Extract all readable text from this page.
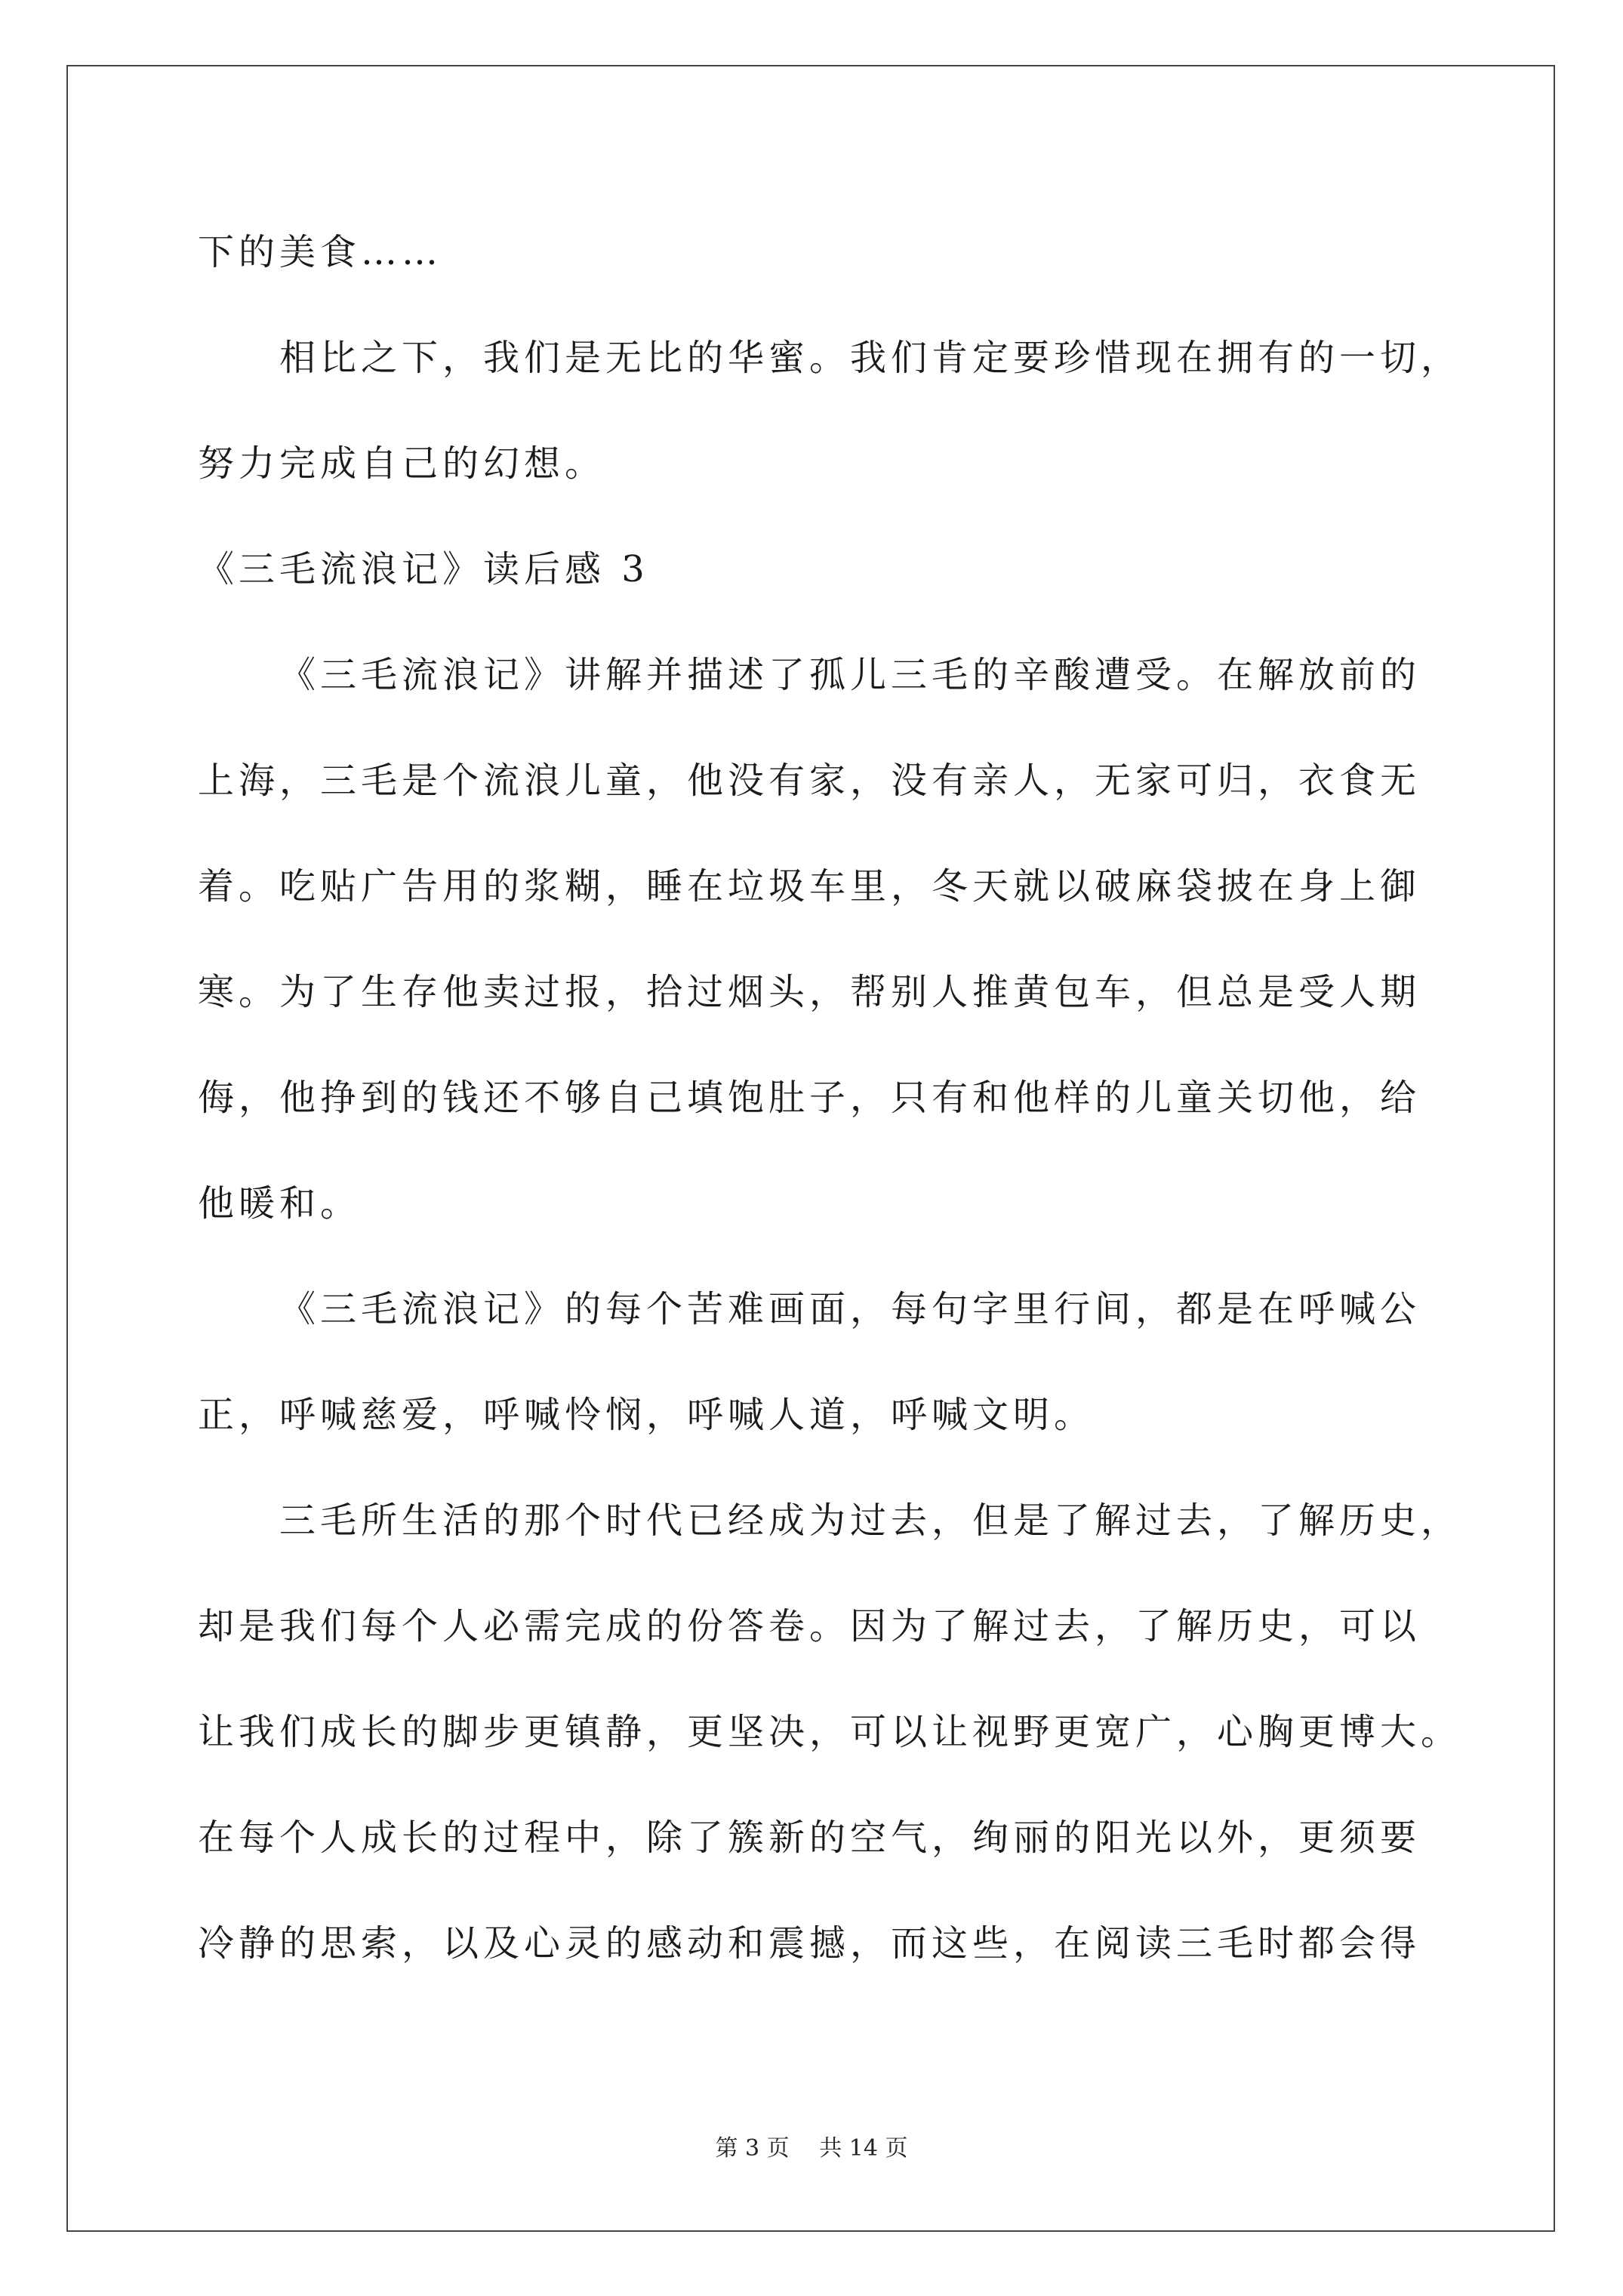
下的美食……
相比之下，我们是无比的华蜜。我们肯定要珍惜现在拥有的一切，
努力完成自己的幻想。
《三毛流浪记》读后感 3
《三毛流浪记》讲解并描述了孤儿三毛的辛酸遭受。在解放前的
上海，三毛是个流浪儿童，他没有家，没有亲人，无家可归，衣食无
着。吃贴广告用的浆糊，睡在垃圾车里，冬天就以破麻袋披在身上御
寒。为了生存他卖过报，拾过烟头，帮别人推黄包车，但总是受人期
侮，他挣到的钱还不够自己填饱肚子，只有和他样的儿童关切他，给
他暖和。
《三毛流浪记》的每个苦难画面，每句字里行间，都是在呼喊公
正，呼喊慈爱，呼喊怜悯，呼喊人道，呼喊文明。
三毛所生活的那个时代已经成为过去，但是了解过去，了解历史，
却是我们每个人必需完成的份答卷。因为了解过去，了解历史，可以
让我们成长的脚步更镇静，更坚决，可以让视野更宽广，心胸更博大。
在每个人成长的过程中，除了簇新的空气，绚丽的阳光以外，更须要
冷静的思索，以及心灵的感动和震撼，而这些，在阅读三毛时都会得
第 3 页　 共 14 页
